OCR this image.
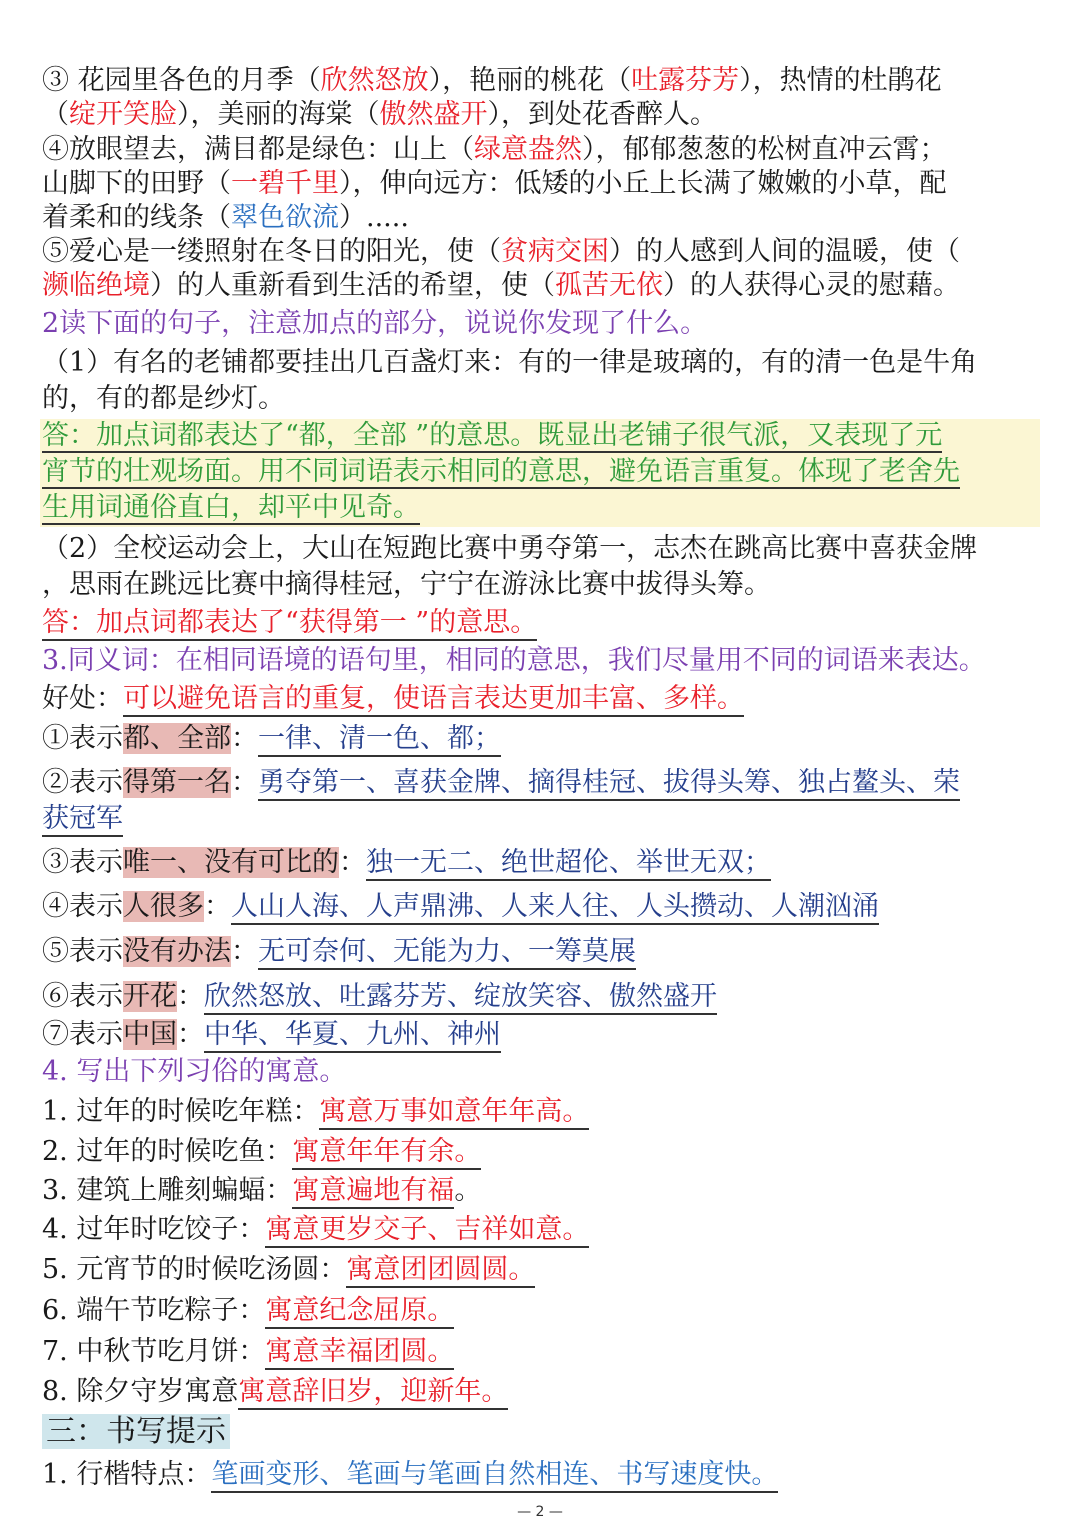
③ 花园里各色的月季（欣然怒放），艳丽的桃花（吐露芬芳），热情的杜鹃花
（绽开笑脸），美丽的海棠（傲然盛开），到处花香醉人。
④放眼望去，满目都是绿色：山上（绿意盎然），郁郁葱葱的松树直冲云霄；
山脚下的田野（一碧千里），伸向远方：低矮的小丘上长满了嫩嫩的小草，配
着柔和的线条（翠色欲流）.....
⑤爱心是一缕照射在冬日的阳光，使（贫病交困）的人感到人间的温暖，使（
濒临绝境）的人重新看到生活的希望，使（孤苦无依）的人获得心灵的慰藉。
2读下面的句子，注意加点的部分，说说你发现了什么。
（1）有名的老铺都要挂出几百盏灯来：有的一律是玻璃的，有的清一色是牛角
的，有的都是纱灯。
答：加点词都表达了“都，全部 ”的意思。既显出老铺子很气派，又表现了元
宵节的壮观场面。用不同词语表示相同的意思，避免语言重复。体现了老舍先
生用词通俗直白，却平中见奇。
（2）全校运动会上，大山在短跑比赛中勇夺第一，志杰在跳高比赛中喜获金牌
，思雨在跳远比赛中摘得桂冠，宁宁在游泳比赛中拔得头筹。
答：加点词都表达了“获得第一 ”的意思。
3.同义词：在相同语境的语句里，相同的意思，我们尽量用不同的词语来表达。
好处：可以避免语言的重复，使语言表达更加丰富、多样。
①表示都、全部：一律、清一色、都；
②表示得第一名：勇夺第一、喜获金牌、摘得桂冠、拔得头筹、独占鳌头、荣
获冠军
③表示唯一、没有可比的：独一无二、绝世超伦、举世无双；
④表示人很多：人山人海、人声鼎沸、人来人往、人头攒动、人潮汹涌
⑤表示没有办法：无可奈何、无能为力、一筹莫展
⑥表示开花：欣然怒放、吐露芬芳、绽放笑容、傲然盛开
⑦表示中国：中华、华夏、九州、神州
4. 写出下列习俗的寓意。
1. 过年的时候吃年糕：寓意万事如意年年高。
2. 过年的时候吃鱼：寓意年年有余。
3. 建筑上雕刻蝙蝠：寓意遍地有福。
4. 过年时吃饺子：寓意更岁交子、吉祥如意。
5. 元宵节的时候吃汤圆：寓意团团圆圆。
6. 端午节吃粽子：寓意纪念屈原。
7. 中秋节吃月饼：寓意幸福团圆。
8. 除夕守岁寓意寓意辞旧岁，迎新年。
三：书写提示
1. 行楷特点：笔画变形、笔画与笔画自然相连、书写速度快。
— 2 —
